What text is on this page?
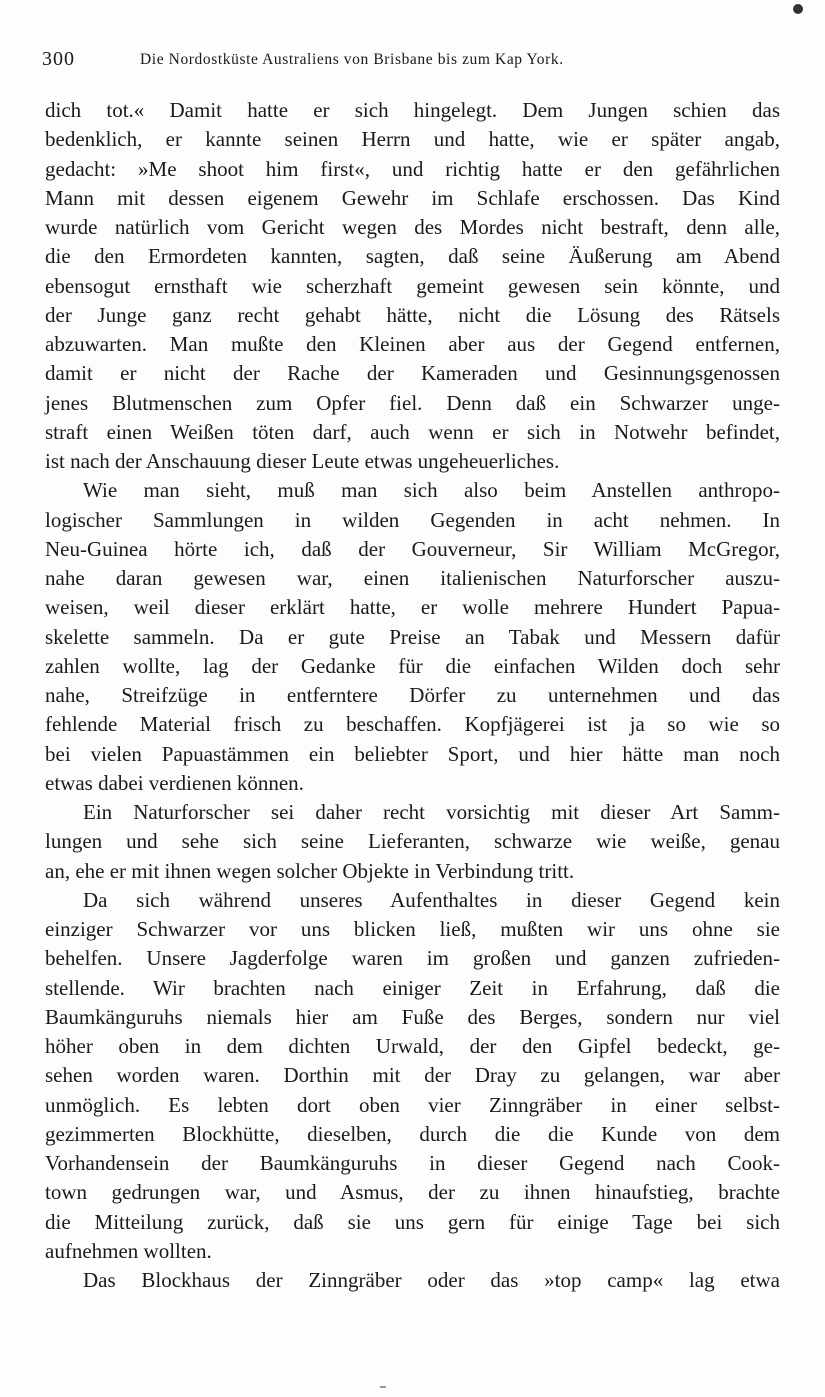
300	Die Nordostküste Australiens von Brisbane bis zum Kap York.
dich tot.« Damit hatte er sich hingelegt. Dem Jungen schien das
bedenklich, er kannte seinen Herrn und hatte, wie er später angab,
gedacht: »Me shoot him first«, und richtig hatte er den gefährlichen
Mann mit dessen eigenem Gewehr im Schlafe erschossen. Das Kind
wurde natürlich vom Gericht wegen des Mordes nicht bestraft, denn alle,
die den Ermordeten kannten, sagten, daß seine Äußerung am Abend
ebensogut ernsthaft wie scherzhaft gemeint gewesen sein könnte, und
der Junge ganz recht gehabt hätte, nicht die Lösung des Rätsels
abzuwarten. Man mußte den Kleinen aber aus der Gegend entfernen,
damit er nicht der Rache der Kameraden und Gesinnungsgenossen
jenes Blutmenschen zum Opfer fiel. Denn daß ein Schwarzer unge-
straft einen Weißen töten darf, auch wenn er sich in Notwehr befindet,
ist nach der Anschauung dieser Leute etwas ungeheuerliches.
Wie man sieht, muß man sich also beim Anstellen anthropo-
logischer Sammlungen in wilden Gegenden in acht nehmen. In
Neu-Guinea hörte ich, daß der Gouverneur, Sir William McGregor,
nahe daran gewesen war, einen italienischen Naturforscher auszu-
weisen, weil dieser erklärt hatte, er wolle mehrere Hundert Papua-
skelette sammeln. Da er gute Preise an Tabak und Messern dafür
zahlen wollte, lag der Gedanke für die einfachen Wilden doch sehr
nahe, Streifzüge in entferntere Dörfer zu unternehmen und das
fehlende Material frisch zu beschaffen. Kopfjägerei ist ja so wie so
bei vielen Papuastämmen ein beliebter Sport, und hier hätte man noch
etwas dabei verdienen können.
Ein Naturforscher sei daher recht vorsichtig mit dieser Art Samm-
lungen und sehe sich seine Lieferanten, schwarze wie weiße, genau
an, ehe er mit ihnen wegen solcher Objekte in Verbindung tritt.
Da sich während unseres Aufenthaltes in dieser Gegend kein
einziger Schwarzer vor uns blicken ließ, mußten wir uns ohne sie
behelfen. Unsere Jagderfolge waren im großen und ganzen zufrieden-
stellende. Wir brachten nach einiger Zeit in Erfahrung, daß die
Baumkänguruhs niemals hier am Fuße des Berges, sondern nur viel
höher oben in dem dichten Urwald, der den Gipfel bedeckt, ge-
sehen worden waren. Dorthin mit der Dray zu gelangen, war aber
unmöglich. Es lebten dort oben vier Zinngräber in einer selbst-
gezimmerten Blockhütte, dieselben, durch die die Kunde von dem
Vorhandensein der Baumkänguruhs in dieser Gegend nach Cook-
town gedrungen war, und Asmus, der zu ihnen hinaufstieg, brachte
die Mitteilung zurück, daß sie uns gern für einige Tage bei sich
aufnehmen wollten.
Das Blockhaus der Zinngräber oder das »top camp« lag etwa
